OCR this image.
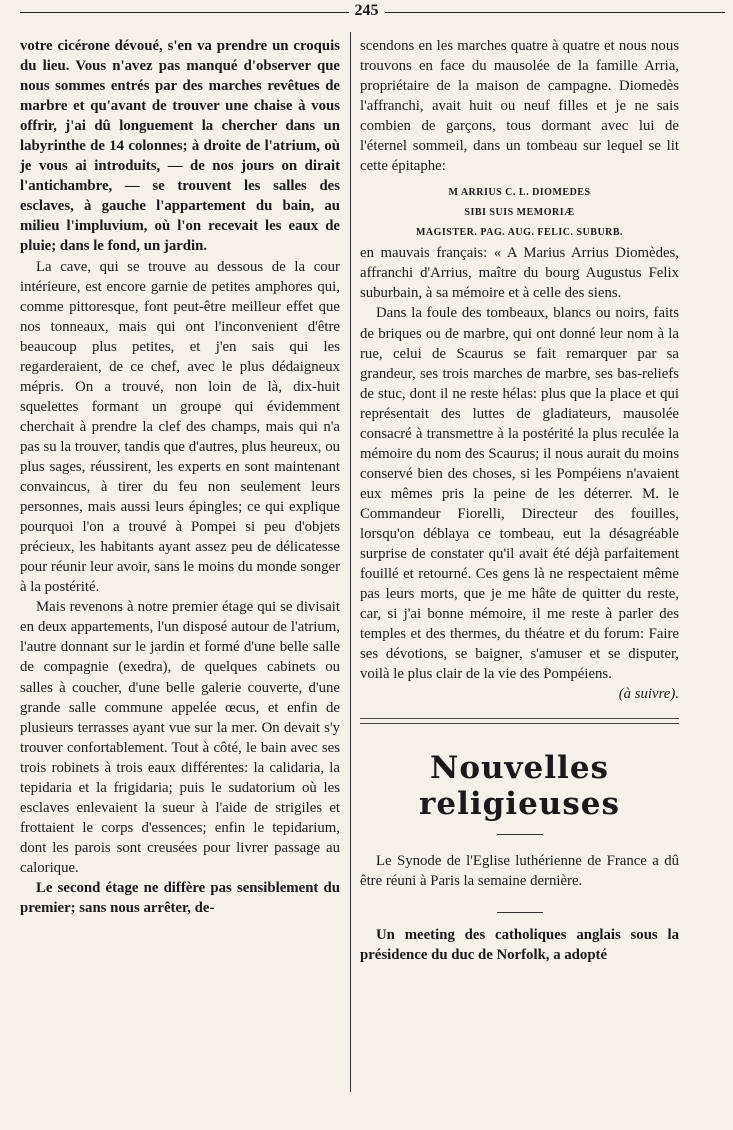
245

votre cicérone dévoué, s'en va prendre un croquis du lieu. Vous n'avez pas manqué d'observer que nous sommes entrés par des marches revêtues de marbre et qu'avant de trouver une chaise à vous offrir, j'ai dû longuement la chercher dans un labyrinthe de 14 colonnes; à droite de l'atrium, où je vous ai introduits, — de nos jours on dirait l'antichambre, — se trouvent les salles des esclaves, à gauche l'appartement du bain, au milieu l'impluvium, où l'on recevait les eaux de pluie; dans le fond, un jardin.

La cave, qui se trouve au dessous de la cour intérieure, est encore garnie de petites amphores qui, comme pittoresque, font peut-être meilleur effet que nos tonneaux, mais qui ont l'inconvenient d'être beaucoup plus petites, et j'en sais qui les regarderaient, de ce chef, avec le plus dédaigneux mépris. On a trouvé, non loin de là, dix-huit squelettes formant un groupe qui évidemment cherchait à prendre la clef des champs, mais qui n'a pas su la trouver, tandis que d'autres, plus heureux, ou plus sages, réussirent, les experts en sont maintenant convaincus, à tirer du feu non seulement leurs personnes, mais aussi leurs épingles; ce qui explique pourquoi l'on a trouvé à Pompei si peu d'objets précieux, les habitants ayant assez peu de délicatesse pour réunir leur avoir, sans le moins du monde songer à la postérité.

Mais revenons à notre premier étage qui se divisait en deux appartements, l'un disposé autour de l'atrium, l'autre donnant sur le jardin et formé d'une belle salle de compagnie (exedra), de quelques cabinets ou salles à coucher, d'une belle galerie couverte, d'une grande salle commune appelée œcus, et enfin de plusieurs terrasses ayant vue sur la mer. On devait s'y trouver confortablement. Tout à côté, le bain avec ses trois robinets à trois eaux différentes: la calidaria, la tepidaria et la frigidaria; puis le sudatorium où les esclaves enlevaient la sueur à l'aide de strigiles et frottaient le corps d'essences; enfin le tepidarium, dont les parois sont creusées pour livrer passage au calorique.

Le second étage ne diffère pas sensiblement du premier; sans nous arrêter, de-

scendons en les marches quatre à quatre et nous nous trouvons en face du mausolée de la famille Arria, propriétaire de la maison de campagne. Diomedès l'affranchi, avait huit ou neuf filles et je ne sais combien de garçons, tous dormant avec lui de l'éternel sommeil, dans un tombeau sur lequel se lit cette épitaphe:

M ARRIUS C. L. DIOMEDES
SIBI SUIS MEMORIÆ
MAGISTER. PAG. AUG. FELIC. SUBURB.

en mauvais français: « A Marius Arrius Diomèdes, affranchi d'Arrius, maître du bourg Augustus Felix suburbain, à sa mémoire et à celle des siens.

Dans la foule des tombeaux, blancs ou noirs, faits de briques ou de marbre, qui ont donné leur nom à la rue, celui de Scaurus se fait remarquer par sa grandeur, ses trois marches de marbre, ses bas-reliefs de stuc, dont il ne reste hélas: plus que la place et qui représentait des luttes de gladiateurs, mausolée consacré à transmettre à la postérité la plus reculée la mémoire du nom des Scaurus; il nous aurait du moins conservé bien des choses, si les Pompéiens n'avaient eux mêmes pris la peine de les déterrer. M. le Commandeur Fiorelli, Directeur des fouilles, lorsqu'on déblaya ce tombeau, eut la désagréable surprise de constater qu'il avait été déjà parfaitement fouillé et retourné. Ces gens là ne respectaient même pas leurs morts, que je me hâte de quitter du reste, car, si j'ai bonne mémoire, il me reste à parler des temples et des thermes, du théatre et du forum: Faire ses dévotions, se baigner, s'amuser et se disputer, voilà le plus clair de la vie des Pompéiens.

(à suivre).

Nouvelles religieuses

Le Synode de l'Eglise luthérienne de France a dû être réuni à Paris la semaine dernière.

Un meeting des catholiques anglais sous la présidence du duc de Norfolk, a adopté
